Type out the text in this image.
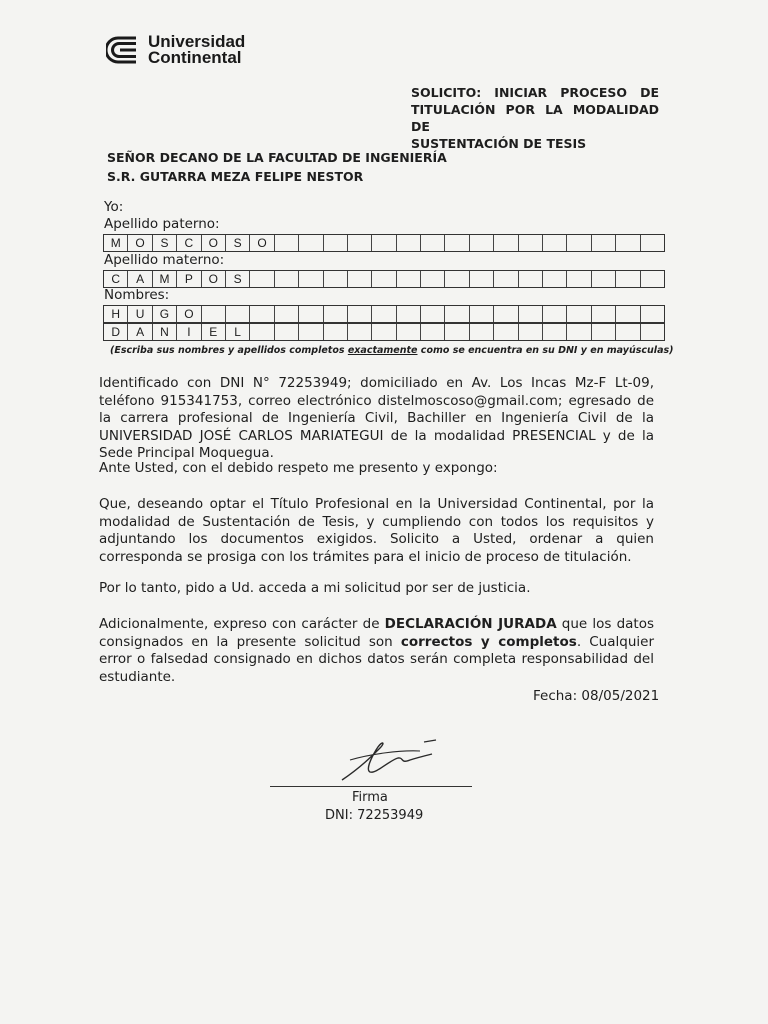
Universidad
Continental
SOLICITO: INICIAR PROCESO DE
TITULACIÓN POR LA MODALIDAD DE
SUSTENTACIÓN DE TESIS
SEÑOR DECANO DE LA FACULTAD DE INGENIERÍA
S.R. GUTARRA MEZA FELIPE NESTOR
Yo:
Apellido paterno:
M	O	S	C	O	S	O
Apellido materno:
C	A	M	P	O	S
Nombres:
H	U	G	O
D	A	N	I	E	L
(Escriba sus nombres y apellidos completos exactamente como se encuentra en su DNI y en mayúsculas)
Identificado con DNI N° 72253949; domiciliado en Av. Los Incas Mz-F Lt-09, teléfono 915341753, correo electrónico distelmoscoso@gmail.com; egresado de la carrera profesional de Ingeniería Civil, Bachiller en Ingeniería Civil de la UNIVERSIDAD JOSÉ CARLOS MARIATEGUI de la modalidad PRESENCIAL y de la Sede Principal Moquegua.
Ante Usted, con el debido respeto me presento y expongo:
Que, deseando optar el Título Profesional en la Universidad Continental, por la modalidad de Sustentación de Tesis, y cumpliendo con todos los requisitos y adjuntando los documentos exigidos. Solicito a Usted, ordenar a quien corresponda se prosiga con los trámites para el inicio de proceso de titulación.
Por lo tanto, pido a Ud. acceda a mi solicitud por ser de justicia.
Adicionalmente, expreso con carácter de DECLARACIÓN JURADA que los datos consignados en la presente solicitud son correctos y completos. Cualquier error o falsedad consignado en dichos datos serán completa responsabilidad del estudiante.
Fecha: 08/05/2021
Firma
DNI: 72253949
